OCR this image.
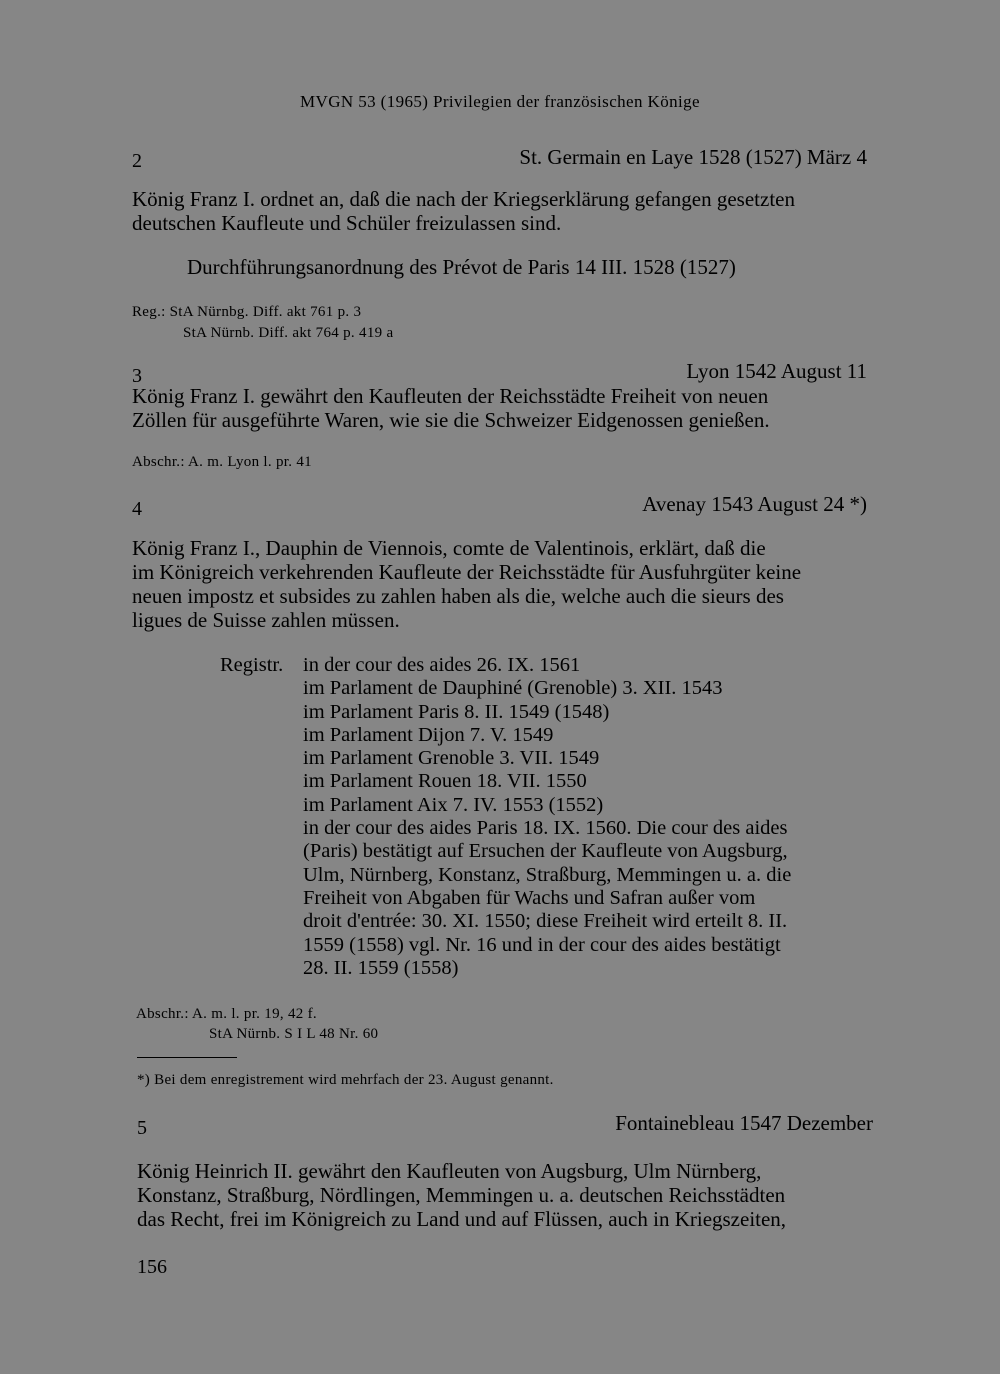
MVGN 53 (1965) Privilegien der französischen Könige
2	St. Germain en Laye 1528 (1527) März 4
König Franz I. ordnet an, daß die nach der Kriegserklärung gefangen gesetzten
deutschen Kaufleute und Schüler freizulassen sind.
Durchführungsanordnung des Prévot de Paris 14 III. 1528 (1527)
Reg.: StA Nürnbg. Diff. akt 761 p. 3
StA Nürnb. Diff. akt 764 p. 419 a
3	Lyon 1542 August 11
König Franz I. gewährt den Kaufleuten der Reichsstädte Freiheit von neuen
Zöllen für ausgeführte Waren, wie sie die Schweizer Eidgenossen genießen.
Abschr.: A. m. Lyon l. pr. 41
4	Avenay 1543 August 24 *)
König Franz I., Dauphin de Viennois, comte de Valentinois, erklärt, daß die
im Königreich verkehrenden Kaufleute der Reichsstädte für Ausfuhrgüter keine
neuen impostz et subsides zu zahlen haben als die, welche auch die sieurs des
ligues de Suisse zahlen müssen.
Registr. in der cour des aides 26. IX. 1561
im Parlament de Dauphiné (Grenoble) 3. XII. 1543
im Parlament Paris 8. II. 1549 (1548)
im Parlament Dijon 7. V. 1549
im Parlament Grenoble 3. VII. 1549
im Parlament Rouen 18. VII. 1550
im Parlament Aix 7. IV. 1553 (1552)
in der cour des aides Paris 18. IX. 1560. Die cour des aides
(Paris) bestätigt auf Ersuchen der Kaufleute von Augsburg,
Ulm, Nürnberg, Konstanz, Straßburg, Memmingen u. a. die
Freiheit von Abgaben für Wachs und Safran außer vom
droit d'entrée: 30. XI. 1550; diese Freiheit wird erteilt 8. II.
1559 (1558) vgl. Nr. 16 und in der cour des aides bestätigt
28. II. 1559 (1558)
Abschr.: A. m. l. pr. 19, 42 f.
StA Nürnb. S I L 48 Nr. 60
*) Bei dem enregistrement wird mehrfach der 23. August genannt.
5	Fontainebleau 1547 Dezember
König Heinrich II. gewährt den Kaufleuten von Augsburg, Ulm Nürnberg,
Konstanz, Straßburg, Nördlingen, Memmingen u. a. deutschen Reichsstädten
das Recht, frei im Königreich zu Land und auf Flüssen, auch in Kriegszeiten,
156
